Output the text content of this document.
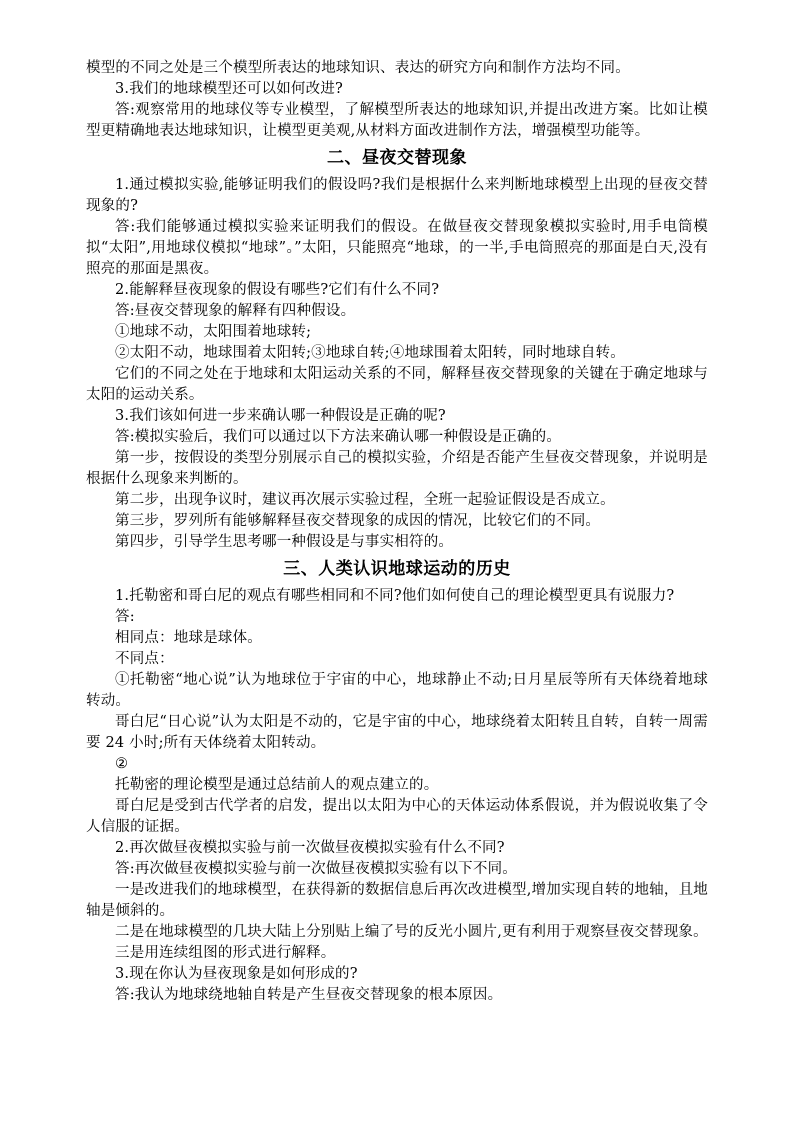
模型的不同之处是三个模型所表达的地球知识、表达的研究方向和制作方法均不同。

3.我们的地球模型还可以如何改进?

答:观察常用的地球仪等专业模型，了解模型所表达的地球知识,并提出改进方案。比如让模型更精确地表达地球知识，让模型更美观,从材料方面改进制作方法，增强模型功能等。

二、昼夜交替现象

1.通过模拟实验,能够证明我们的假设吗?我们是根据什么来判断地球模型上出现的昼夜交替现象的?

答:我们能够通过模拟实验来证明我们的假设。在做昼夜交替现象模拟实验时,用手电筒模拟“太阳”,用地球仪模拟“地球”。”太阳，只能照亮“地球，的一半,手电筒照亮的那面是白天,没有照亮的那面是黑夜。

2.能解释昼夜现象的假设有哪些?它们有什么不同?

答:昼夜交替现象的解释有四种假设。

①地球不动，太阳围着地球转;

②太阳不动，地球围着太阳转;③地球自转;④地球围着太阳转，同时地球自转。

它们的不同之处在于地球和太阳运动关系的不同，解释昼夜交替现象的关键在于确定地球与太阳的运动关系。

3.我们该如何进一步来确认哪一种假设是正确的呢?

答:模拟实验后，我们可以通过以下方法来确认哪一种假设是正确的。

第一步，按假设的类型分别展示自己的模拟实验，介绍是否能产生昼夜交替现象，并说明是根据什么现象来判断的。

第二步，出现争议时，建议再次展示实验过程，全班一起验证假设是否成立。

第三步，罗列所有能够解释昼夜交替现象的成因的情况，比较它们的不同。

第四步，引导学生思考哪一种假设是与事实相符的。

三、人类认识地球运动的历史

1.托勒密和哥白尼的观点有哪些相同和不同?他们如何使自己的理论模型更具有说服力?

答:

相同点：地球是球体。

不同点：

①托勒密“地心说”认为地球位于宇宙的中心，地球静止不动;日月星辰等所有天体绕着地球转动。

哥白尼“日心说”认为太阳是不动的，它是宇宙的中心，地球绕着太阳转且自转，自转一周需要 24 小时;所有天体绕着太阳转动。

②

托勒密的理论模型是通过总结前人的观点建立的。

哥白尼是受到古代学者的启发，提出以太阳为中心的天体运动体系假说，并为假说收集了令人信服的证据。

2.再次做昼夜模拟实验与前一次做昼夜模拟实验有什么不同?

答:再次做昼夜模拟实验与前一次做昼夜模拟实验有以下不同。

一是改进我们的地球模型，在获得新的数据信息后再次改进模型,增加实现自转的地轴，且地轴是倾斜的。

二是在地球模型的几块大陆上分别贴上编了号的反光小圆片,更有利用于观察昼夜交替现象。

三是用连续组图的形式进行解释。

3.现在你认为昼夜现象是如何形成的?

答:我认为地球绕地轴自转是产生昼夜交替现象的根本原因。
